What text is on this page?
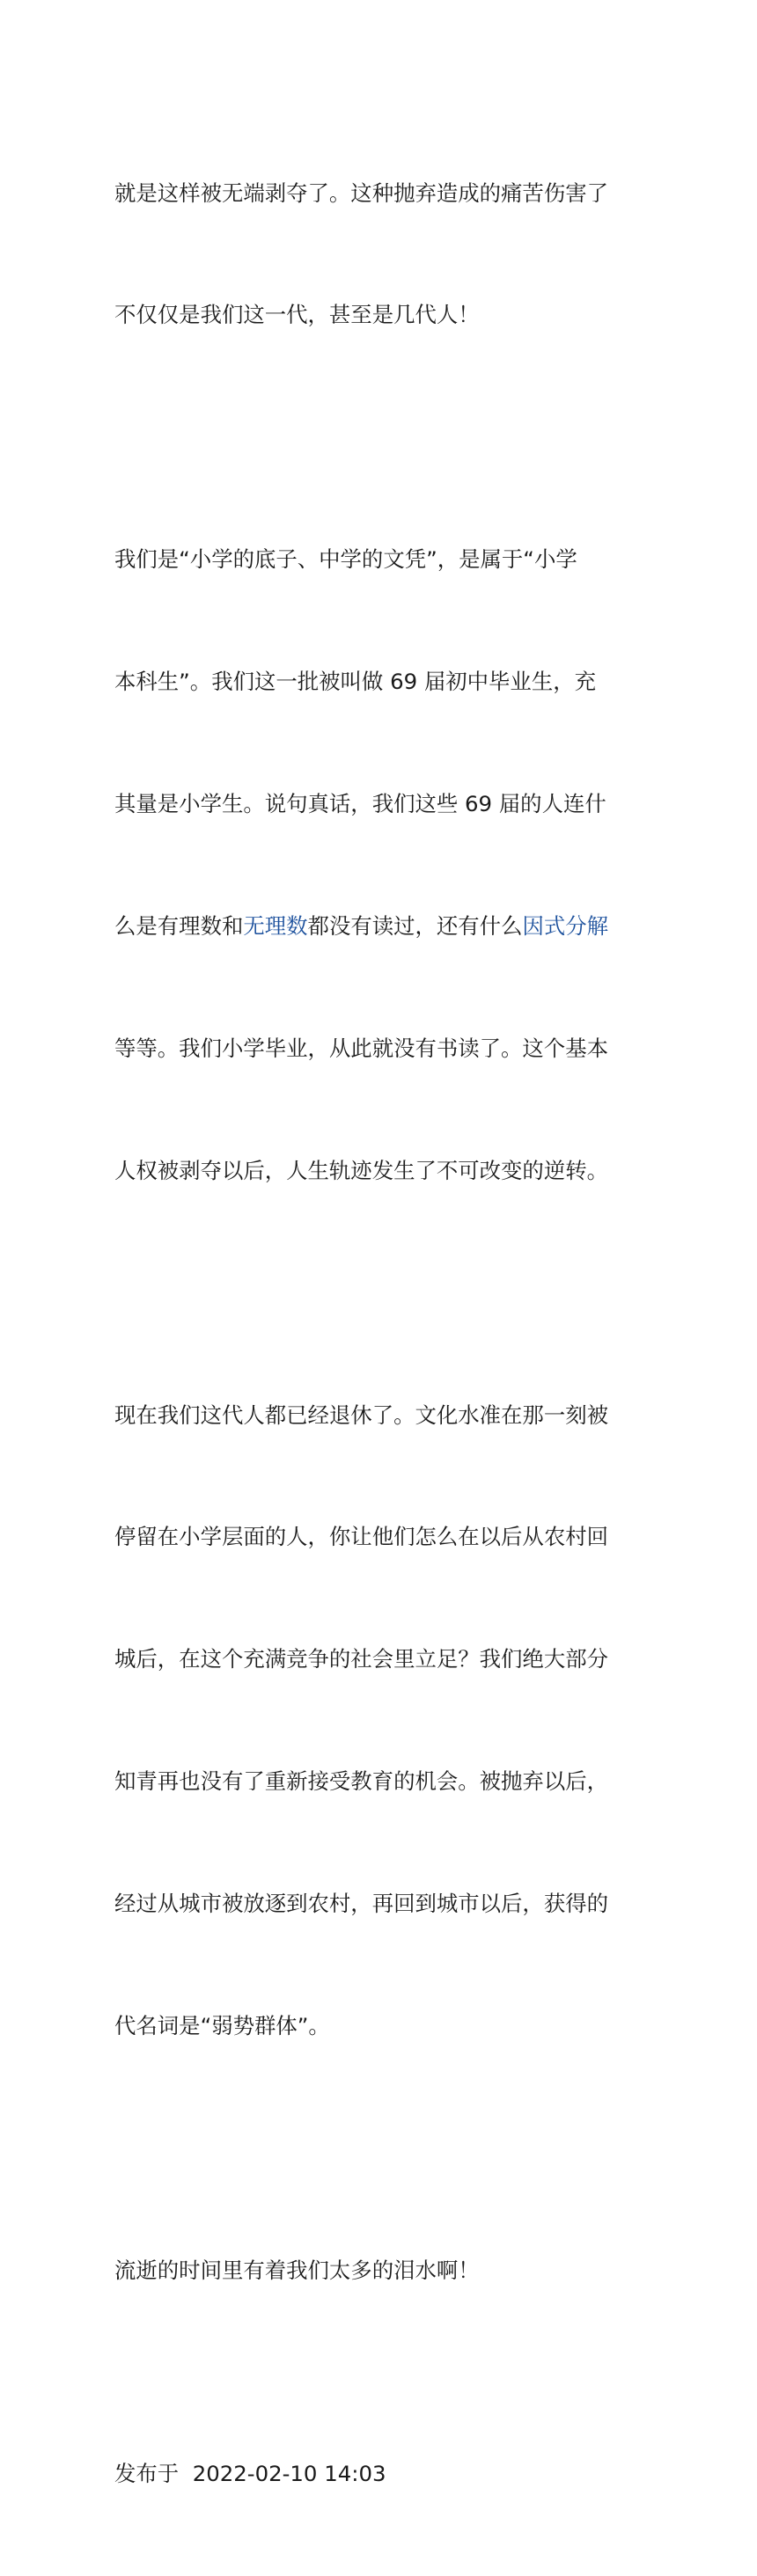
就是这样被无端剥夺了。这种抛弃造成的痛苦伤害了

不仅仅是我们这一代，甚至是几代人！

我们是“小学的底子、中学的文凭”，是属于“小学

本科生”。我们这一批被叫做 69 届初中毕业生，充

其量是小学生。说句真话，我们这些 69 届的人连什

么是有理数和无理数都没有读过，还有什么因式分解

等等。我们小学毕业，从此就没有书读了。这个基本

人权被剥夺以后，人生轨迹发生了不可改变的逆转。

现在我们这代人都已经退休了。文化水准在那一刻被

停留在小学层面的人，你让他们怎么在以后从农村回

城后，在这个充满竞争的社会里立足？我们绝大部分

知青再也没有了重新接受教育的机会。被抛弃以后，

经过从城市被放逐到农村，再回到城市以后，获得的

代名词是“弱势群体”。

流逝的时间里有着我们太多的泪水啊！

发布于 2022-02-10 14:03
